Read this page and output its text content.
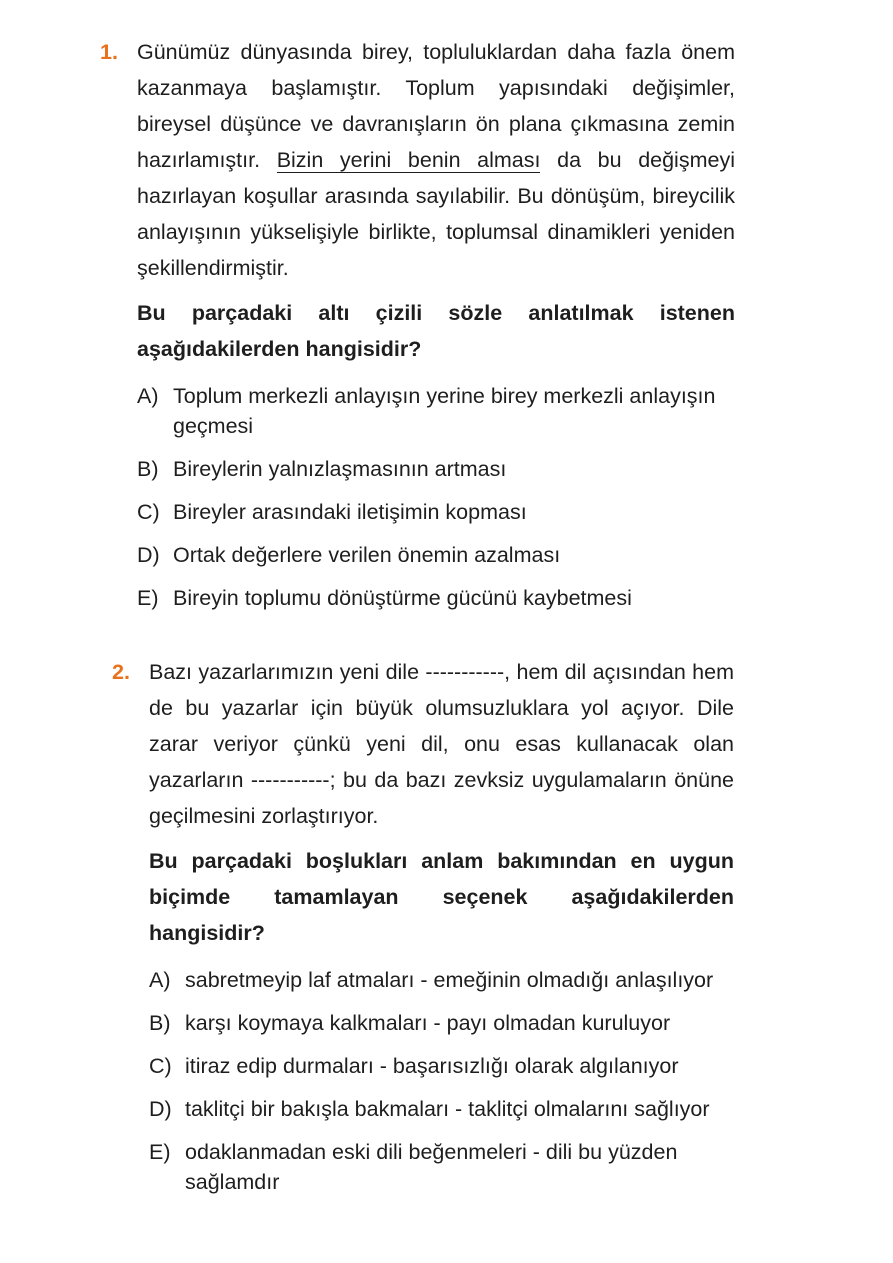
1. Günümüz dünyasında birey, topluluklardan daha fazla önem kazanmaya başlamıştır. Toplum yapısındaki değişimler, bireysel düşünce ve davranışların ön plana çıkmasına zemin hazırlamıştır. Bizin yerini benin alması da bu değişmeyi hazırlayan koşullar arasında sayılabilir. Bu dönüşüm, bireycilik anlayışının yükselişiyle birlikte, toplumsal dinamikleri yeniden şekillendirmiştir.

Bu parçadaki altı çizili sözle anlatılmak istenen aşağıdakilerden hangisidir?

A) Toplum merkezli anlayışın yerine birey merkezli anlayışın geçmesi
B) Bireylerin yalnızlaşmasının artması
C) Bireyler arasındaki iletişimin kopması
D) Ortak değerlere verilen önemin azalması
E) Bireyin toplumu dönüştürme gücünü kaybetmesi
2. Bazı yazarlarımızın yeni dile -----------, hem dil açısından hem de bu yazarlar için büyük olumsuzluklara yol açıyor. Dile zarar veriyor çünkü yeni dil, onu esas kullanacak olan yazarların -----------; bu da bazı zevksiz uygulamaların önüne geçilmesini zorlaştırıyor.

Bu parçadaki boşlukları anlam bakımından en uygun biçimde tamamlayan seçenek aşağıdakilerden hangisidir?

A) sabretmeyip laf atmaları - emeğinin olmadığı anlaşılıyor
B) karşı koymaya kalkmaları - payı olmadan kuruluyor
C) itiraz edip durmaları - başarısızlığı olarak algılanıyor
D) taklitçi bir bakışla bakmaları - taklitçi olmalarını sağlıyor
E) odaklanmadan eski dili beğenmeleri - dili bu yüzden sağlamdır
